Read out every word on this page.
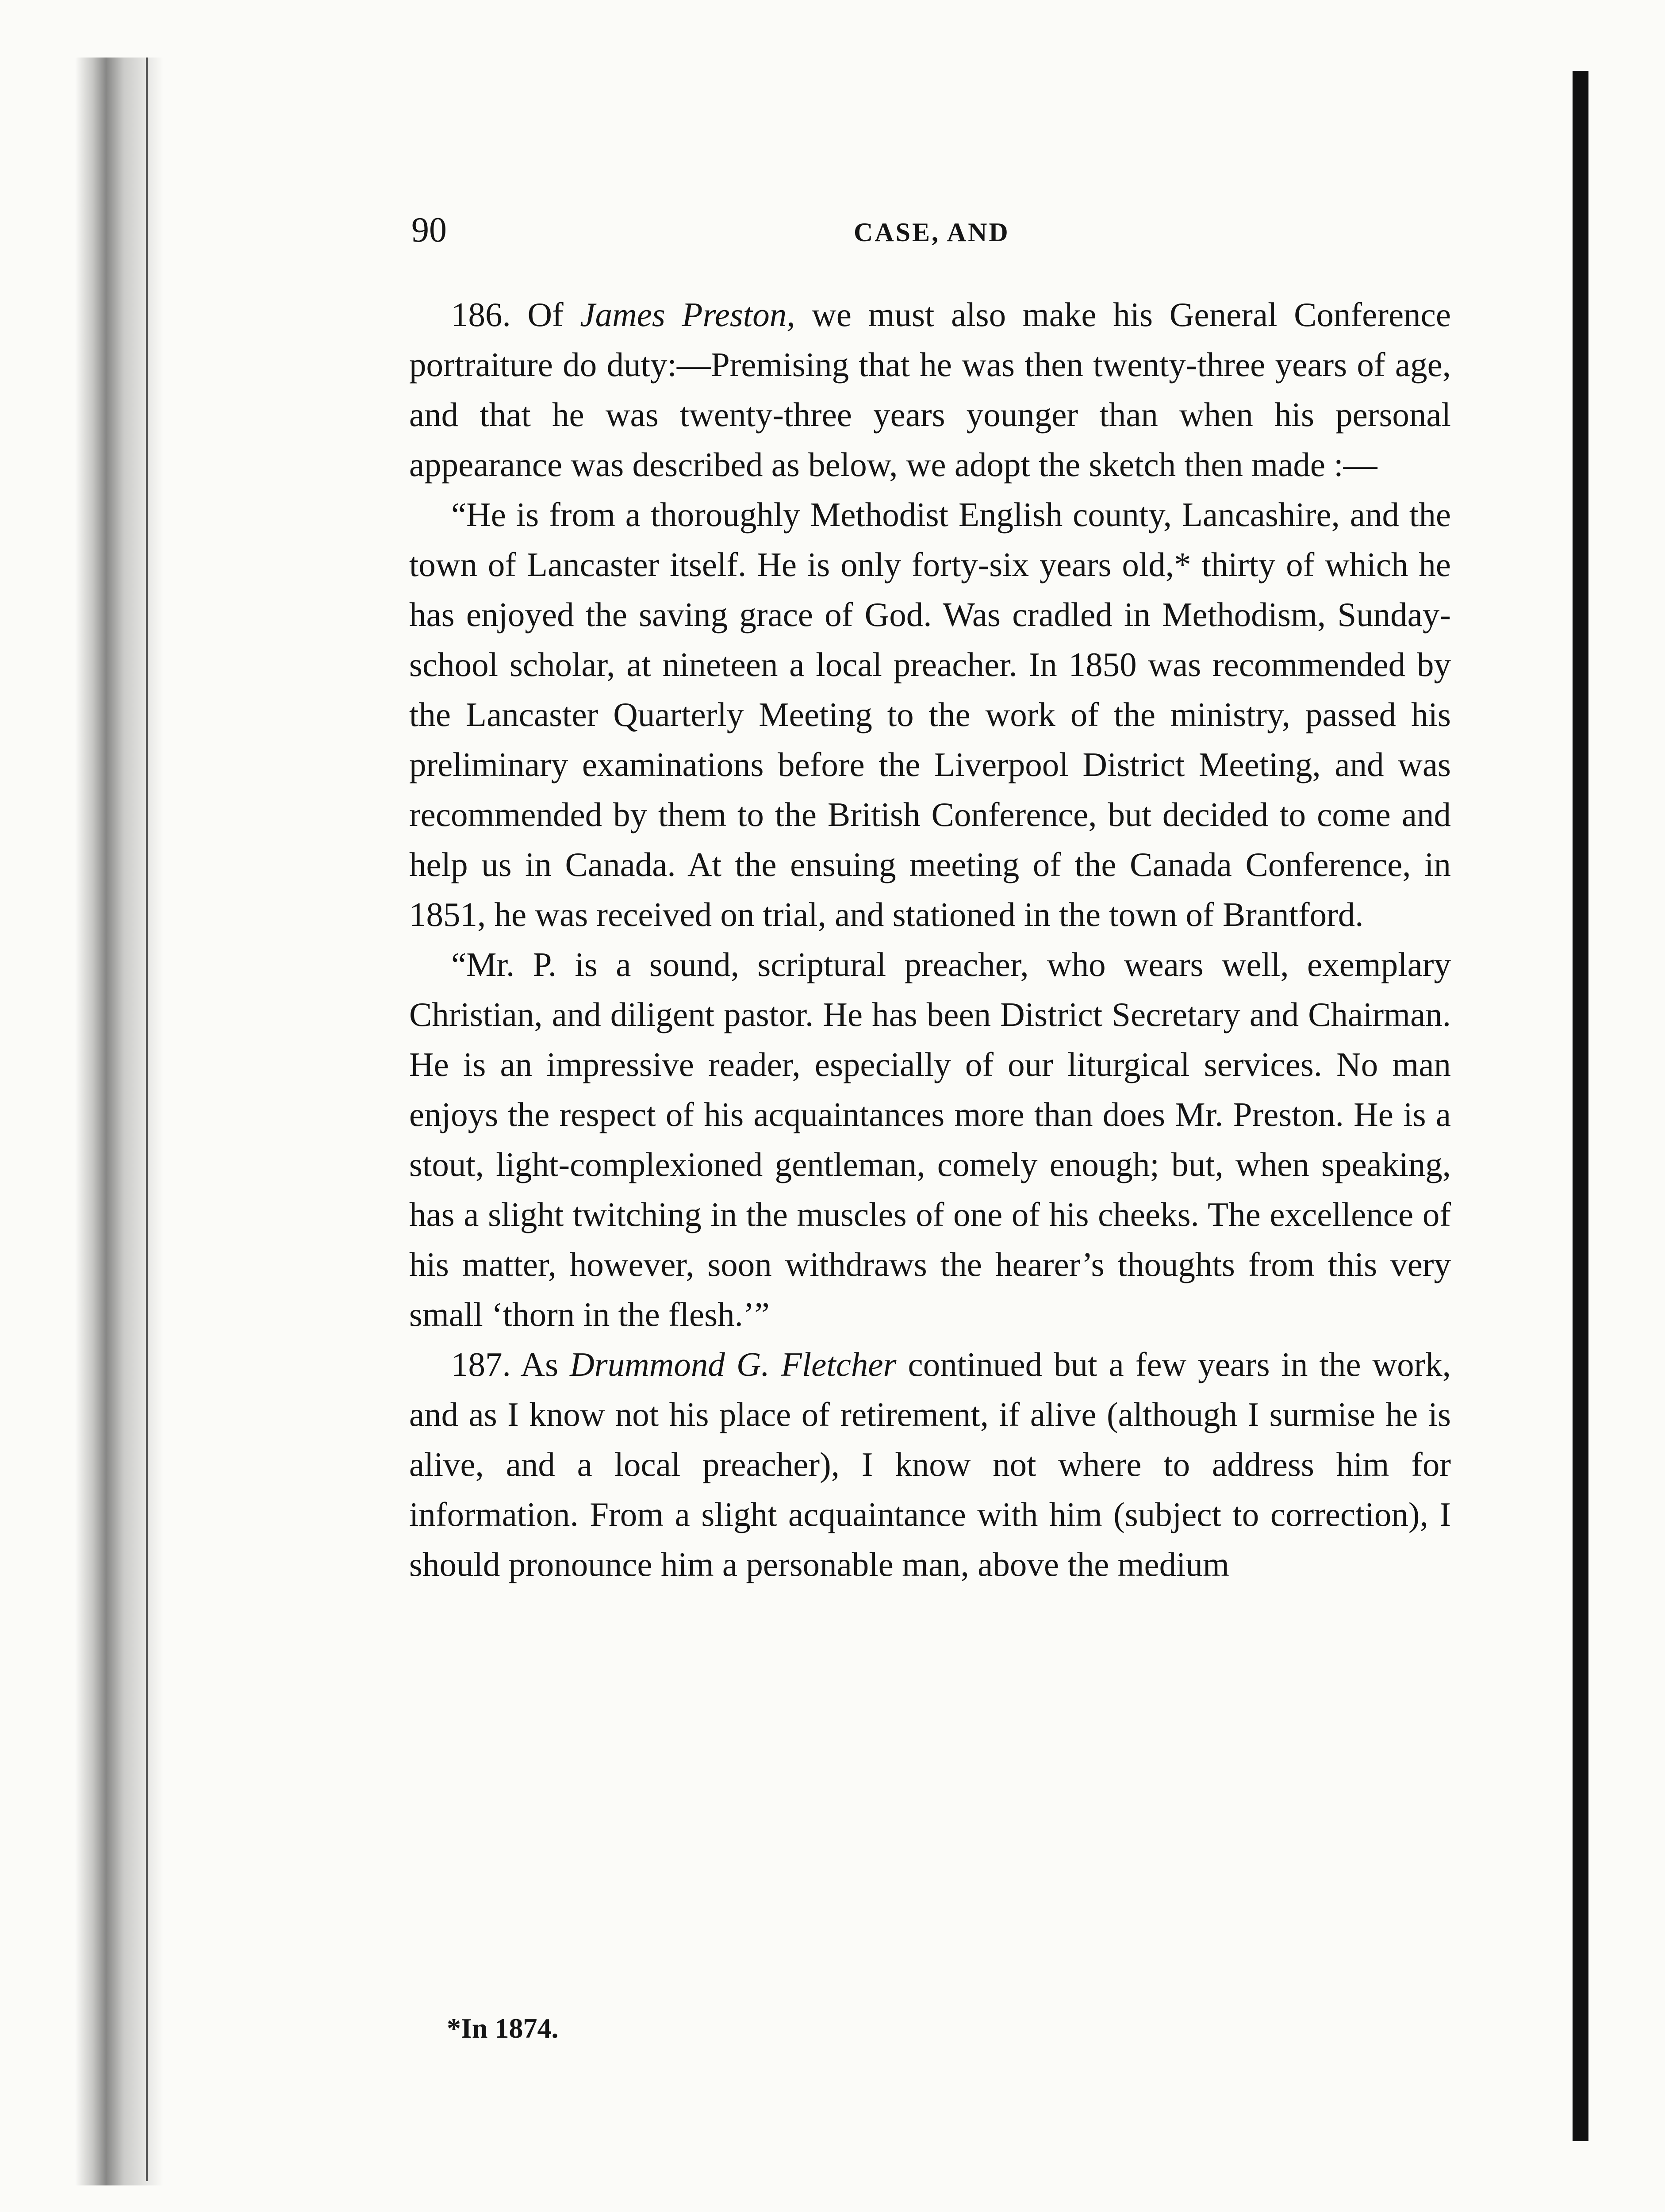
90	CASE, AND

186. Of James Preston, we must also make his General Conference portraiture do duty:—Premising that he was then twenty-three years of age, and that he was twenty-three years younger than when his personal appearance was described as below, we adopt the sketch then made :—

“He is from a thoroughly Methodist English county, Lancashire, and the town of Lancaster itself. He is only forty-six years old,* thirty of which he has enjoyed the saving grace of God. Was cradled in Methodism, Sunday-school scholar, at nineteen a local preacher. In 1850 was recommended by the Lancaster Quarterly Meeting to the work of the ministry, passed his preliminary examinations before the Liverpool District Meeting, and was recommended by them to the British Conference, but decided to come and help us in Canada. At the ensuing meeting of the Canada Conference, in 1851, he was received on trial, and stationed in the town of Brantford.

“Mr. P. is a sound, scriptural preacher, who wears well, exemplary Christian, and diligent pastor. He has been District Secretary and Chairman. He is an impressive reader, especially of our liturgical services. No man enjoys the respect of his acquaintances more than does Mr. Preston. He is a stout, light-complexioned gentleman, comely enough; but, when speaking, has a slight twitching in the muscles of one of his cheeks. The excellence of his matter, however, soon withdraws the hearer’s thoughts from this very small ‘thorn in the flesh.’”

187. As Drummond G. Fletcher continued but a few years in the work, and as I know not his place of retirement, if alive (although I surmise he is alive, and a local preacher), I know not where to address him for information. From a slight acquaintance with him (subject to correction), I should pronounce him a personable man, above the medium

*In 1874.
